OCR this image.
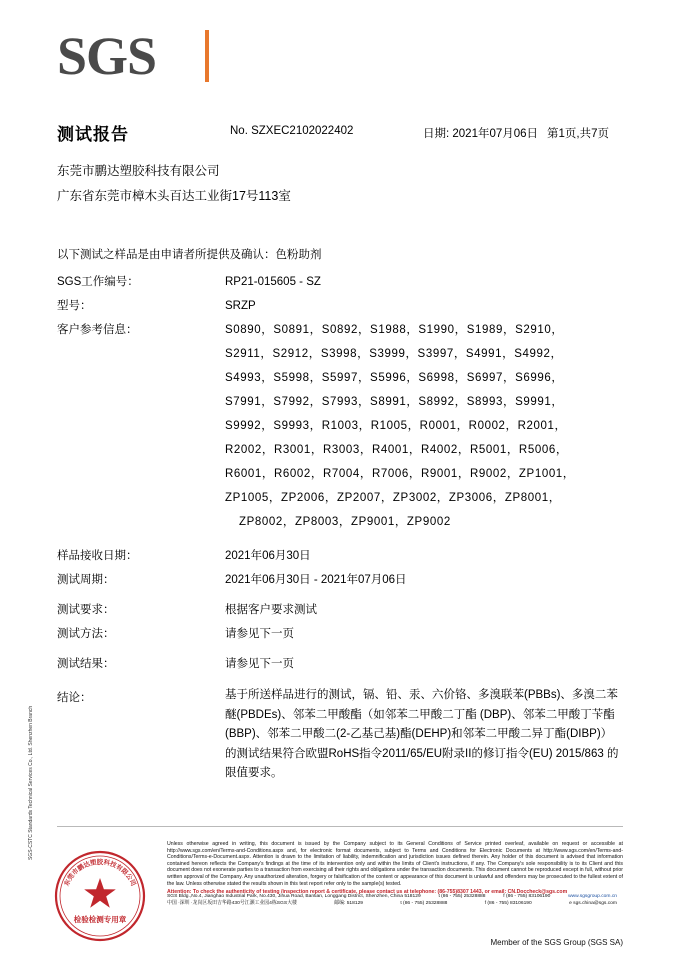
SGS
测试报告	No. SZXEC2102022402	日期: 2021年07月06日 第1页,共7页
东莞市鹏达塑胶科技有限公司
广东省东莞市樟木头百达工业街17号113室
以下测试之样品是由申请者所提供及确认：色粉助剂
SGS工作编号：	RP21-015605 - SZ
型号：	SRZP
客户参考信息：	S0890，S0891，S0892，S1988，S1990，S1989，S2910，
S2911，S2912，S3998，S3999，S3997，S4991，S4992，
S4993，S5998，S5997，S5996，S6998，S6997，S6996，
S7991，S7992，S7993，S8991，S8992，S8993，S9991，
S9992，S9993，R1003，R1005，R0001，R0002，R2001，
R2002，R3001，R3003，R4001，R4002，R5001，R5006，
R6001，R6002，R7004，R7006，R9001，R9002，ZP1001，
ZP1005，ZP2006，ZP2007，ZP3002，ZP3006，ZP8001，
ZP8002，ZP8003，ZP9001，ZP9002
样品接收日期：	2021年06月30日
测试周期：	2021年06月30日 - 2021年07月06日
测试要求：	根据客户要求测试
测试方法：	请参见下一页
测试结果：	请参见下一页
结论：	基于所送样品进行的测试，镉、铅、汞、六价铬、多溴联苯(PBBs)、多溴二苯醚(PBDEs)、邻苯二甲酸酯（如邻苯二甲酸二丁酯 (DBP)、邻苯二甲酸丁苄酯(BBP)、邻苯二甲酸二(2-乙基己基)酯(DEHP)和邻苯二甲酸二异丁酯(DIBP)）的测试结果符合欧盟RoHS指令2011/65/EU附录II的修订指令(EU) 2015/863 的限值要求。
东莞市鹏达塑胶科技有限公司
检验检测专用章
SGS-CSTC Standards Technical Services Co., Ltd. Shenzhen Branch	Unless otherwise agreed in writing, this document is issued by the Company subject to its General Conditions of Service printed overleaf, available on request or accessible at http://www.sgs.com/en/Terms-and-Conditions.aspx and, for electronic format documents, subject to Terms and Conditions for Electronic Documents at http://www.sgs.com/en/Terms-and-Conditions/Terms-e-Document.aspx. Attention is drawn to the limitation of liability, indemnification and jurisdiction issues defined therein. Any holder of this document is advised that information contained hereon reflects the Company's findings at the time of its intervention only and within the limits of Client's instructions, if any. The Company's sole responsibility is to its Client and this document does not exonerate parties to a transaction from exercising all their rights and obligations under the transaction documents. This document cannot be reproduced except in full, without prior written approval of the Company. Any unauthorized alteration, forgery or falsification of the content or appearance of this document is unlawful and offenders may be prosecuted to the fullest extent of the law. Unless otherwise stated the results shown in this test report refer only to the sample(s) tested.

Attention: To check the authenticity of testing /inspection report & certificate, please contact us at telephone: (86-755)8307 1443, or email: CN.Doccheck@sgs.com

SGS Bldg.,No.4, Jianghao Industrial Park, No.430, Jihua Road, Bantian, Longgang District, Shenzhen, China 518129	t (86 - 755) 25328888	f (86 - 755) 83106190	www.sgsgroup.com.cn
中国 ·深圳 ·龙岗区坂田吉华路430号江灏工业园4栋SGS大楼	邮编: 518129	t (86 - 755) 25328888	f (86 - 755) 83106190	e sgs.china@sgs.com
Member of the SGS Group (SGS SA)
